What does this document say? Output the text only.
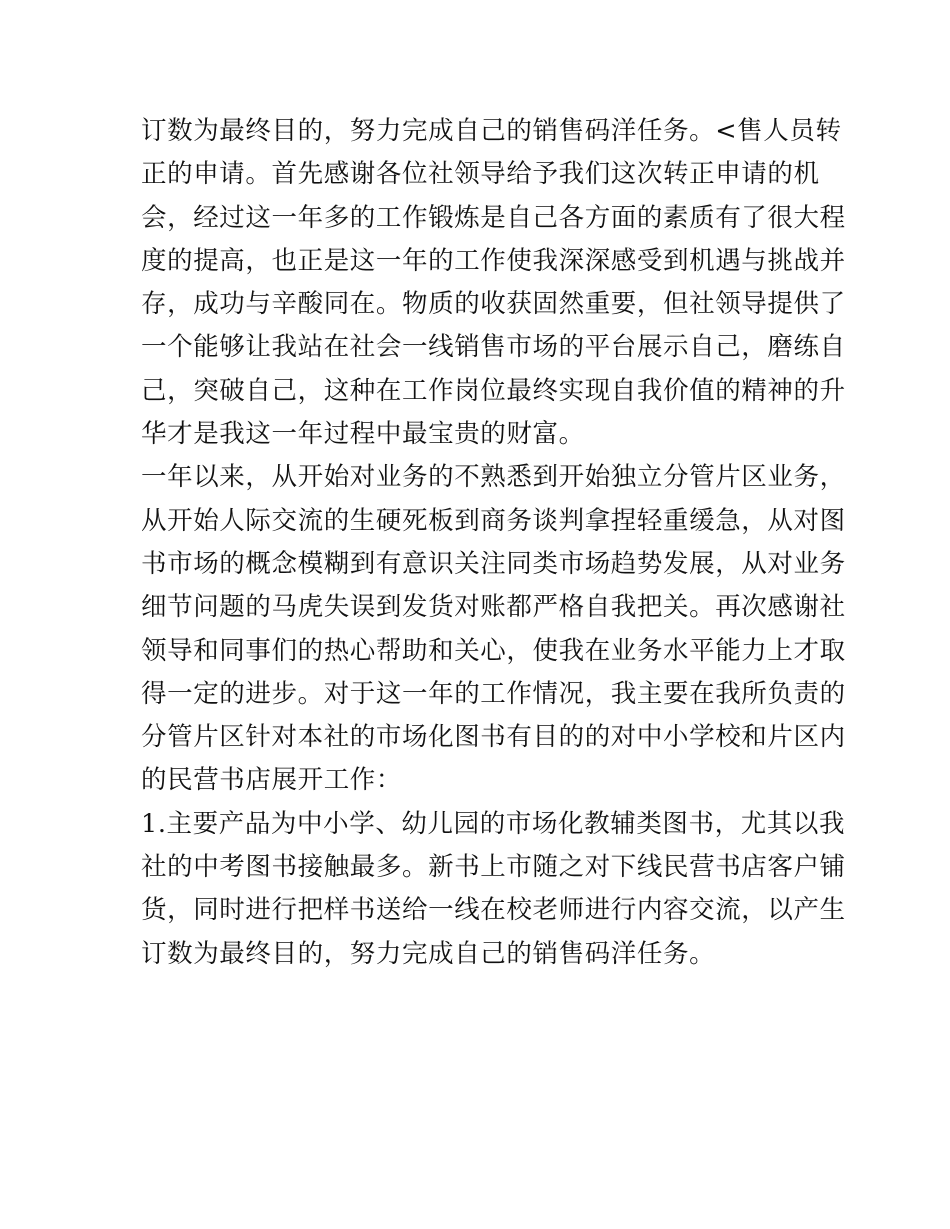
订数为最终目的，努力完成自己的销售码洋任务。<售人员转
正的申请。首先感谢各位社领导给予我们这次转正申请的机
会，经过这一年多的工作锻炼是自己各方面的素质有了很大程
度的提高，也正是这一年的工作使我深深感受到机遇与挑战并
存，成功与辛酸同在。物质的收获固然重要，但社领导提供了
一个能够让我站在社会一线销售市场的平台展示自己，磨练自
己，突破自己，这种在工作岗位最终实现自我价值的精神的升
华才是我这一年过程中最宝贵的财富。
一年以来，从开始对业务的不熟悉到开始独立分管片区业务，
从开始人际交流的生硬死板到商务谈判拿捏轻重缓急，从对图
书市场的概念模糊到有意识关注同类市场趋势发展，从对业务
细节问题的马虎失误到发货对账都严格自我把关。再次感谢社
领导和同事们的热心帮助和关心，使我在业务水平能力上才取
得一定的进步。对于这一年的工作情况，我主要在我所负责的
分管片区针对本社的市场化图书有目的的对中小学校和片区内
的民营书店展开工作：
1.主要产品为中小学、幼儿园的市场化教辅类图书，尤其以我
社的中考图书接触最多。新书上市随之对下线民营书店客户铺
货，同时进行把样书送给一线在校老师进行内容交流，以产生
订数为最终目的，努力完成自己的销售码洋任务。
